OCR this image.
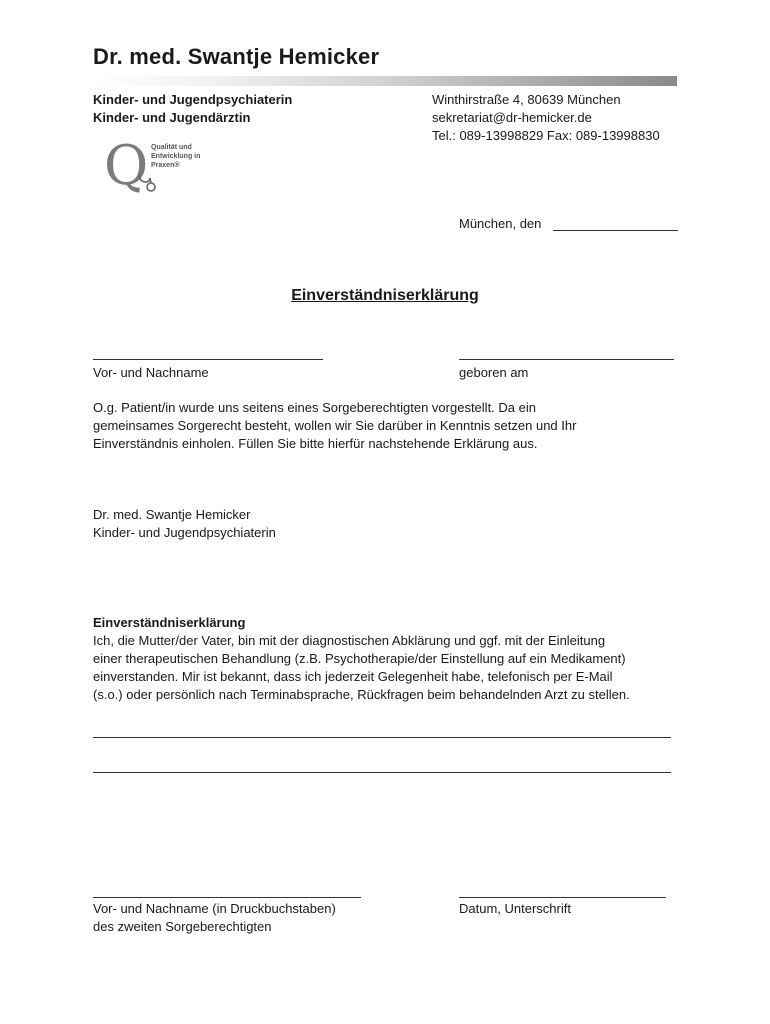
Dr. med. Swantje Hemicker
Kinder- und Jugendpsychiaterin
Kinder- und Jugendärztin
Winthirstraße 4, 80639 München
sekretariat@dr-hemicker.de
Tel.: 089-13998829 Fax: 089-13998830
Q Qualität und
Entwicklung in
Praxen®
München, den
Einverständniserklärung
Vor- und Nachname	geboren am
O.g. Patient/in wurde uns seitens eines Sorgeberechtigten vorgestellt. Da ein
gemeinsames Sorgerecht besteht, wollen wir Sie darüber in Kenntnis setzen und Ihr
Einverständnis einholen. Füllen Sie bitte hierfür nachstehende Erklärung aus.
Dr. med. Swantje Hemicker
Kinder- und Jugendpsychiaterin
Einverständniserklärung
Ich, die Mutter/der Vater, bin mit der diagnostischen Abklärung und ggf. mit der Einleitung
einer therapeutischen Behandlung (z.B. Psychotherapie/der Einstellung auf ein Medikament)
einverstanden. Mir ist bekannt, dass ich jederzeit Gelegenheit habe, telefonisch per E-Mail
(s.o.) oder persönlich nach Terminabsprache, Rückfragen beim behandelnden Arzt zu stellen.
Vor- und Nachname (in Druckbuchstaben)
des zweiten Sorgeberechtigten
Datum, Unterschrift
